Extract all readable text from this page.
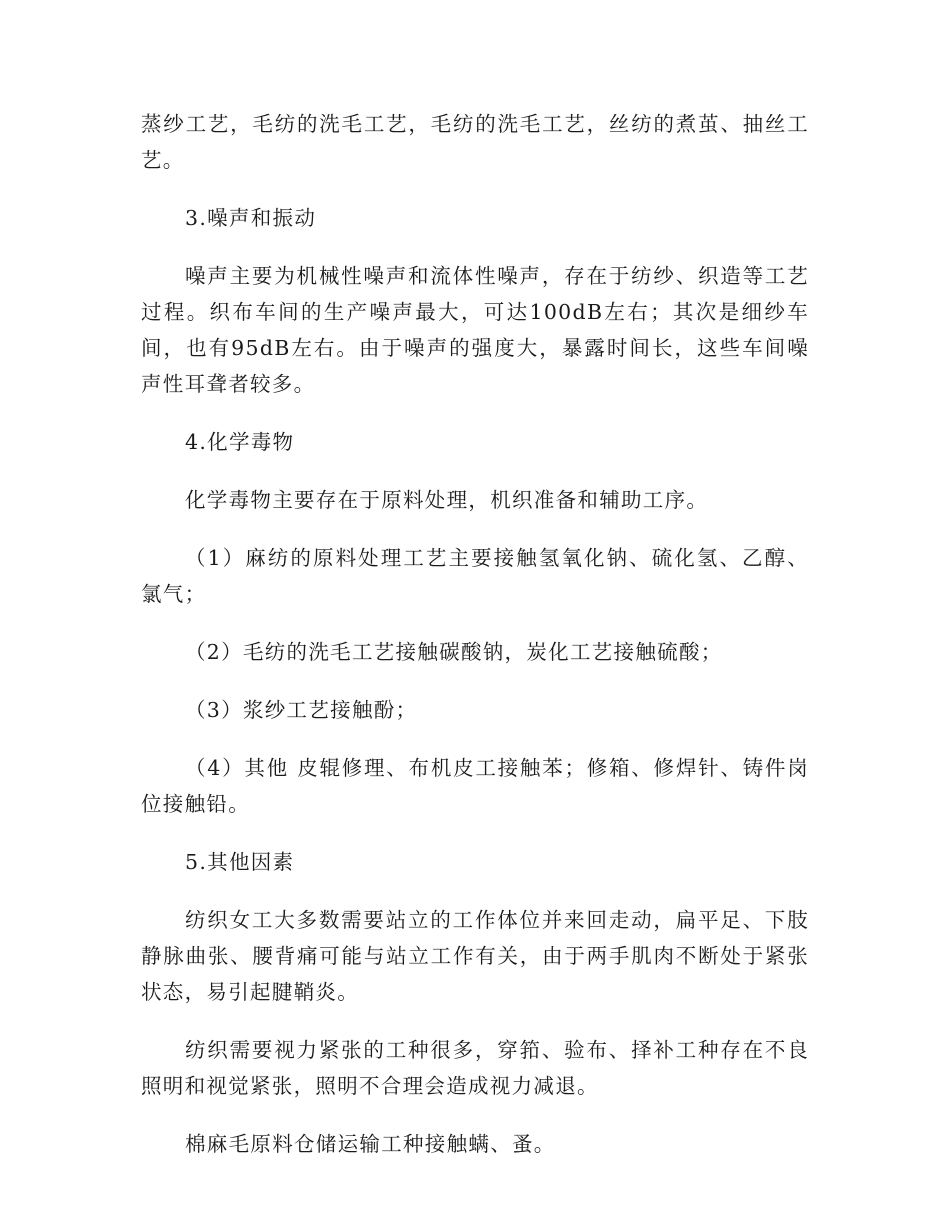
蒸纱工艺，毛纺的洗毛工艺，毛纺的洗毛工艺，丝纺的煮茧、抽丝工艺。

3.噪声和振动

噪声主要为机械性噪声和流体性噪声，存在于纺纱、织造等工艺过程。织布车间的生产噪声最大，可达100dB左右；其次是细纱车间，也有95dB左右。由于噪声的强度大，暴露时间长，这些车间噪声性耳聋者较多。

4.化学毒物

化学毒物主要存在于原料处理，机织准备和辅助工序。

（1）麻纺的原料处理工艺主要接触氢氧化钠、硫化氢、乙醇、氯气；

（2）毛纺的洗毛工艺接触碳酸钠，炭化工艺接触硫酸；

（3）浆纱工艺接触酚；

（4）其他 皮辊修理、布机皮工接触苯；修箱、修焊针、铸件岗位接触铅。

5.其他因素

纺织女工大多数需要站立的工作体位并来回走动，扁平足、下肢静脉曲张、腰背痛可能与站立工作有关，由于两手肌肉不断处于紧张状态，易引起腱鞘炎。

纺织需要视力紧张的工种很多，穿筘、验布、择补工种存在不良照明和视觉紧张，照明不合理会造成视力减退。

棉麻毛原料仓储运输工种接触螨、蚤。
